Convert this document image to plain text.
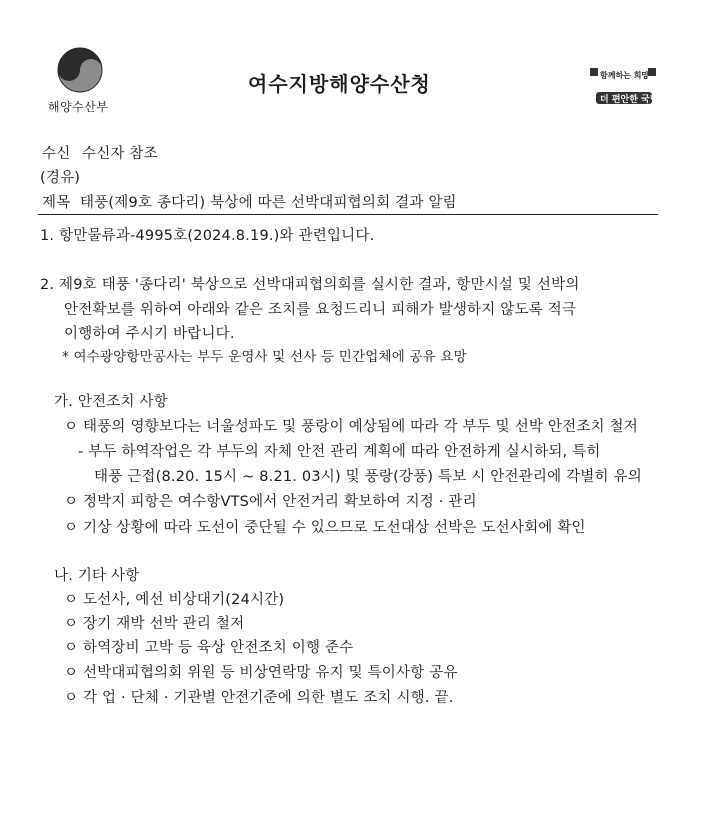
해양수산부
여수지방해양수산청	함께하는 희망
더 편안한 국민
수신 수신자 참조
(경유)
제목 태풍(제9호 종다리) 북상에 따른 선박대피협의회 결과 알림
1. 항만물류과-4995호(2024.8.19.)와 관련입니다.
2. 제9호 태풍 '종다리' 북상으로 선박대피협의회를 실시한 결과, 항만시설 및 선박의
안전확보를 위하여 아래와 같은 조치를 요청드리니 피해가 발생하지 않도록 적극
이행하여 주시기 바랍니다.
* 여수광양항만공사는 부두 운영사 및 선사 등 민간업체에 공유 요망
가. 안전조치 사항
ㅇ 태풍의 영향보다는 너울성파도 및 풍랑이 예상됨에 따라 각 부두 및 선박 안전조치 철저
- 부두 하역작업은 각 부두의 자체 안전 관리 계획에 따라 안전하게 실시하되, 특히
태풍 근접(8.20. 15시 ~ 8.21. 03시) 및 풍랑(강풍) 특보 시 안전관리에 각별히 유의
ㅇ 정박지 피항은 여수항VTS에서 안전거리 확보하여 지정 · 관리
ㅇ 기상 상황에 따라 도선이 중단될 수 있으므로 도선대상 선박은 도선사회에 확인
나. 기타 사항
ㅇ 도선사, 예선 비상대기(24시간)
ㅇ 장기 재박 선박 관리 철저
ㅇ 하역장비 고박 등 육상 안전조치 이행 준수
ㅇ 선박대피협의회 위원 등 비상연락망 유지 및 특이사항 공유
ㅇ 각 업 · 단체 · 기관별 안전기준에 의한 별도 조치 시행. 끝.
